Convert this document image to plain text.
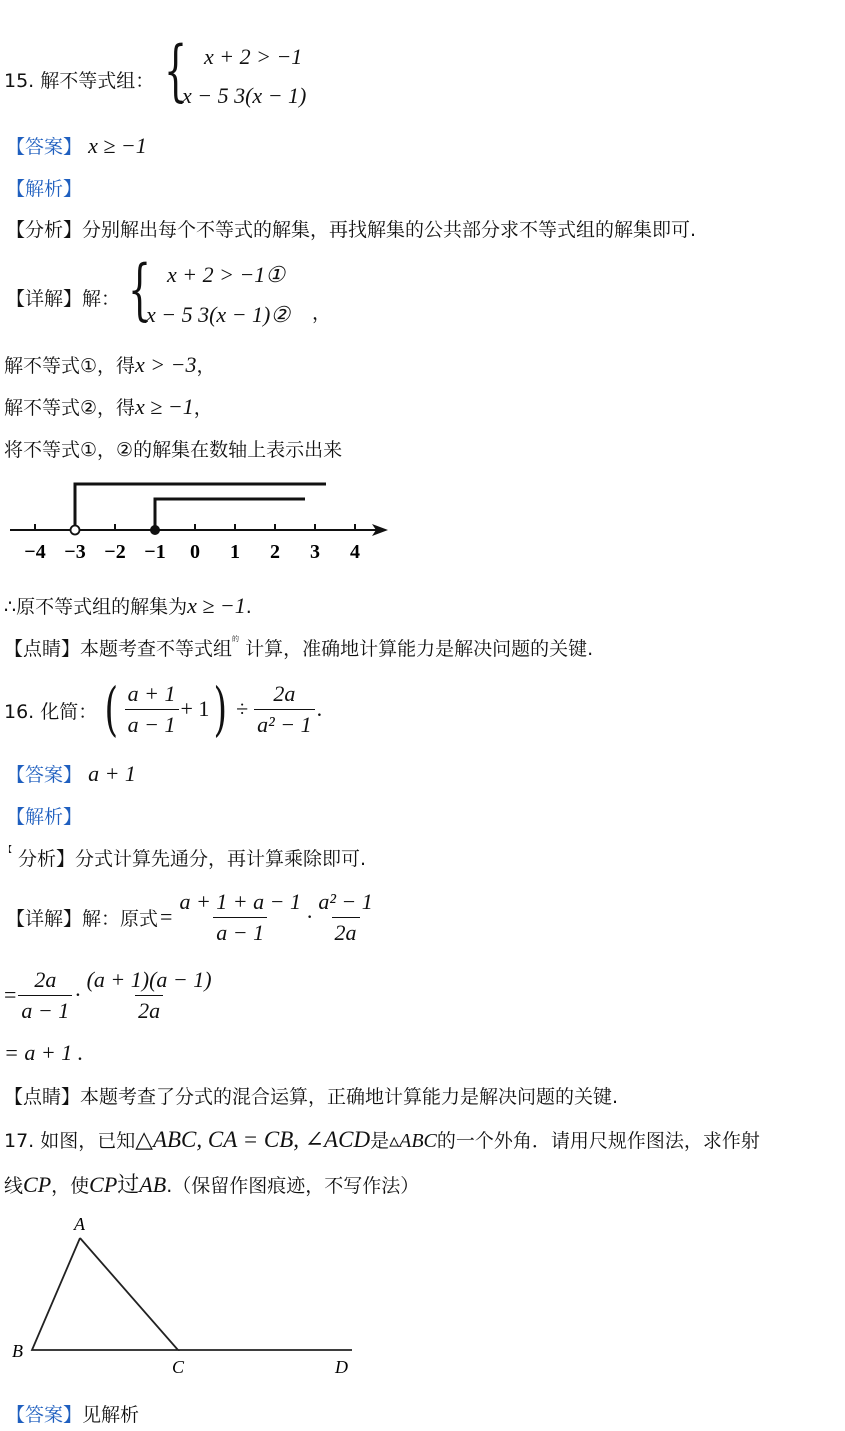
15. 解不等式组： { x + 2 > −1
x − 5 3(x − 1)
【答案】 x ≥ −1
【解析】
【分析】分别解出每个不等式的解集，再找解集的公共部分求不等式组的解集即可.
【详解】解： { x + 2 > −1①
x − 5 3(x − 1)② ，
解不等式①，得x > −3，
解不等式②，得x ≥ −1，
将不等式①，②的解集在数轴上表示出来
−4 −3 −2 −1 0 1 2 3 4
∴原不等式组的解集为x ≥ −1.
【点睛】本题考查不等式组$^的$ 计算，准确地计算能力是解决问题的关键.
16. 化简： ( $\frac{a + 1}{a - 1} + 1$ ) ÷ $\frac{2a}{\text{a² − 1}}$ .
【答案】 a + 1
【解析】
【 分析】分式计算先通分，再计算乘除即可.
【详解】解：原式 = $\frac{a + 1 + a - 1}{a - 1} \cdot \frac{\text{a² − 1}}{2a}$
= $\frac{2a}{a - 1} \cdot \frac{(a + 1)(a - 1)}{2a}$
= a + 1 .
【点睛】本题考查了分式的混合运算，正确地计算能力是解决问题的关键.
17. 如图，已知△ABC, CA = CB, ∠ACD是▵ABC的一个外角．请用尺规作图法，求作射
线CP，使CP过AB.（保留作图痕迹，不写作法）
A
B
C	D
【答案】见解析
